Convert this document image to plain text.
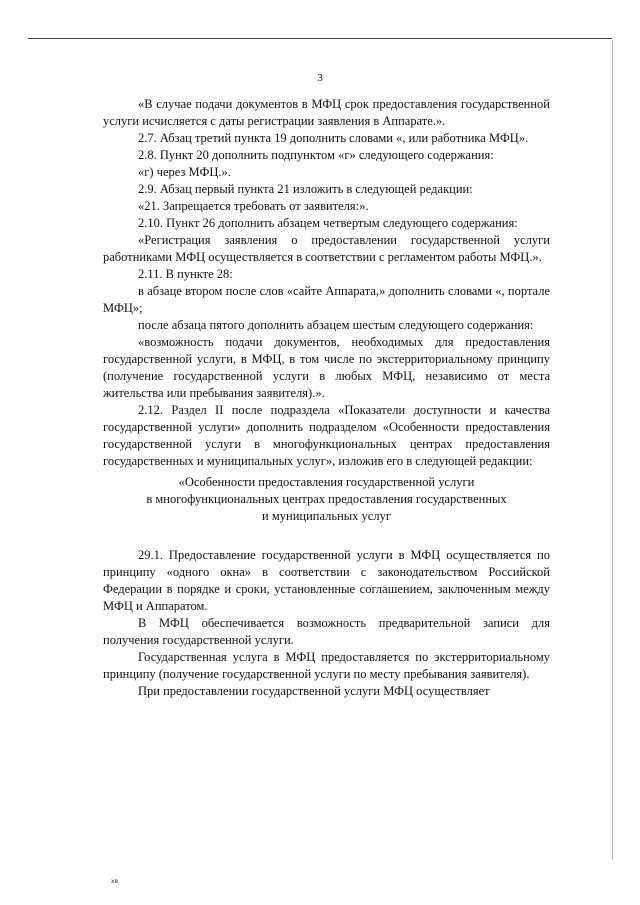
3

«В случае подачи документов в МФЦ срок предоставления государственной услуги исчисляется с даты регистрации заявления в Аппарате.».

2.7. Абзац третий пункта 19 дополнить словами «, или работника МФЦ».

2.8. Пункт 20 дополнить подпунктом «г» следующего содержания:

«г) через МФЦ.».

2.9. Абзац первый пункта 21 изложить в следующей редакции:

«21. Запрещается требовать от заявителя:».

2.10. Пункт 26 дополнить абзацем четвертым следующего содержания:

«Регистрация заявления о предоставлении государственной услуги работниками МФЦ осуществляется в соответствии с регламентом работы МФЦ.».

2.11. В пункте 28:

в абзаце втором после слов «сайте Аппарата,» дополнить словами «, портале МФЦ»;

после абзаца пятого дополнить абзацем шестым следующего содержания:

«возможность подачи документов, необходимых для предоставления государственной услуги, в МФЦ, в том числе по экстерриториальному принципу (получение государственной услуги в любых МФЦ, независимо от места жительства или пребывания заявителя).».

2.12. Раздел II после подраздела «Показатели доступности и качества государственной услуги» дополнить подразделом «Особенности предоставления государственной услуги в многофункциональных центрах предоставления государственных и муниципальных услуг», изложив его в следующей редакции:

«Особенности предоставления государственной услуги

в многофункциональных центрах предоставления государственных

и муниципальных услуг

29.1. Предоставление государственной услуги в МФЦ осуществляется по принципу «одного окна» в соответствии с законодательством Российской Федерации в порядке и сроки, установленные соглашением, заключенным между МФЦ и Аппаратом.

В МФЦ обеспечивается возможность предварительной записи для получения государственной услуги.

Государственная услуга в МФЦ предоставляется по экстерриториальному принципу (получение государственной услуги по месту пребывания заявителя).

При предоставлении государственной услуги МФЦ осуществляет

хв
